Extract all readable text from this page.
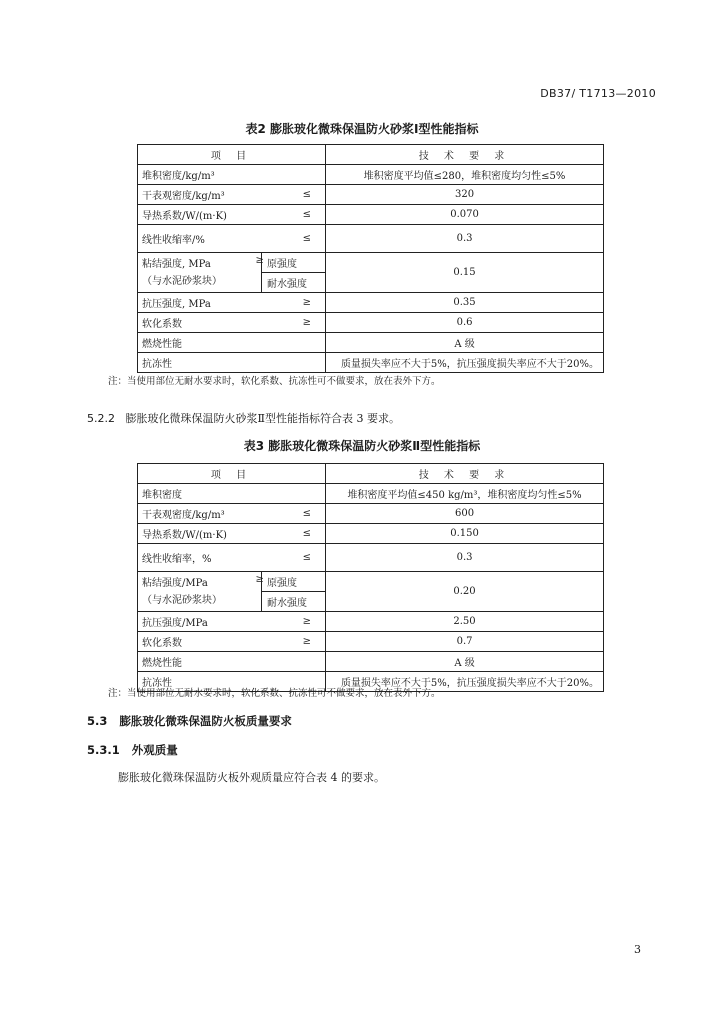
DB37/ T1713—2010
表2 膨胀玻化微珠保温防火砂浆Ⅰ型性能指标
项 目			技 术 要 求
堆积密度/kg/m³			堆积密度平均值≤280，堆积密度均匀性≤5%
干表观密度/kg/m³	≤		320
导热系数/W/(m·K)	≤		0.070
线性收缩率/%	≤		0.3

粘结强度, MPa
（与水泥砂浆块）	≥	原强度	0.15
		耐水强度	
抗压强度, MPa	≥		0.35
软化系数	≥		0.6
燃烧性能			A 级
抗冻性			质量损失率应不大于5%，抗压强度损失率应不大于20%。
注：当使用部位无耐水要求时，软化系数、抗冻性可不做要求，放在表外下方。
5.2.2 膨胀玻化微珠保温防火砂浆Ⅱ型性能指标符合表 3 要求。
表3 膨胀玻化微珠保温防火砂浆Ⅱ型性能指标
项 目			技 术 要 求
堆积密度			堆积密度平均值≤450 kg/m³，堆积密度均匀性≤5%
干表观密度/kg/m³	≤		600
导热系数/W/(m·K)	≤		0.150
线性收缩率，%	≤		0.3

粘结强度/MPa
（与水泥砂浆块）	≥	原强度	0.20
		耐水强度	
抗压强度/MPa	≥		2.50
软化系数	≥		0.7
燃烧性能			A 级
抗冻性			质量损失率应不大于5%，抗压强度损失率应不大于20%。
注：当使用部位无耐水要求时，软化系数、抗冻性可不做要求，放在表外下方。
5.3 膨胀玻化微珠保温防火板质量要求
5.3.1 外观质量
膨胀玻化微珠保温防火板外观质量应符合表 4 的要求。
3
